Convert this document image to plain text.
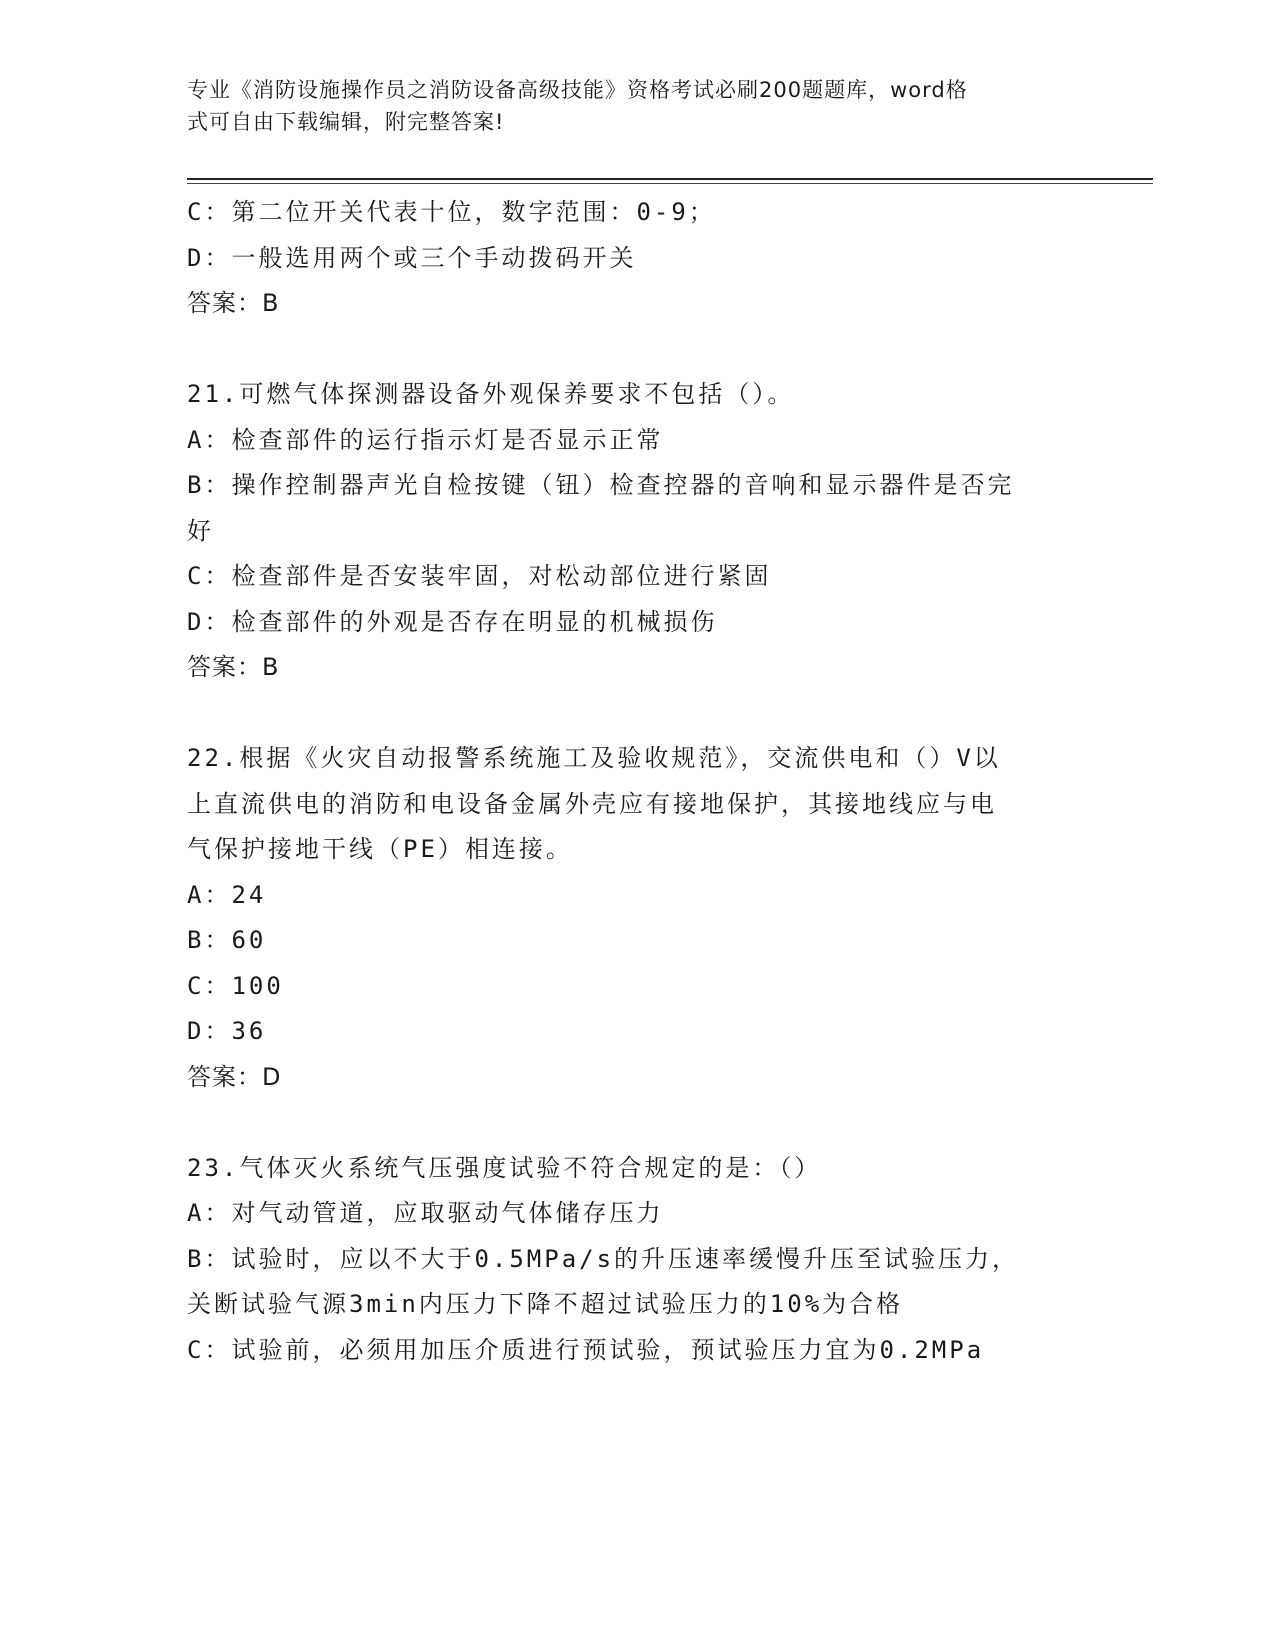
专业《消防设施操作员之消防设备高级技能》资格考试必刷200题题库，word格
式可自由下载编辑，附完整答案!
C：第二位开关代表十位，数字范围：0-9；
D：一般选用两个或三个手动拨码开关
答案：B
21.可燃气体探测器设备外观保养要求不包括（）。
A：检查部件的运行指示灯是否显示正常
B：操作控制器声光自检按键（钮）检查控器的音响和显示器件是否完
好
C：检查部件是否安装牢固，对松动部位进行紧固
D：检查部件的外观是否存在明显的机械损伤
答案：B
22.根据《火灾自动报警系统施工及验收规范》，交流供电和（）V以
上直流供电的消防和电设备金属外壳应有接地保护，其接地线应与电
气保护接地干线（PE）相连接。
A：24
B：60
C：100
D：36
答案：D
23.气体灭火系统气压强度试验不符合规定的是：（）
A：对气动管道，应取驱动气体储存压力
B：试验时，应以不大于0.5MPa/s的升压速率缓慢升压至试验压力，
关断试验气源3min内压力下降不超过试验压力的10%为合格
C：试验前，必须用加压介质进行预试验，预试验压力宜为0.2MPa
